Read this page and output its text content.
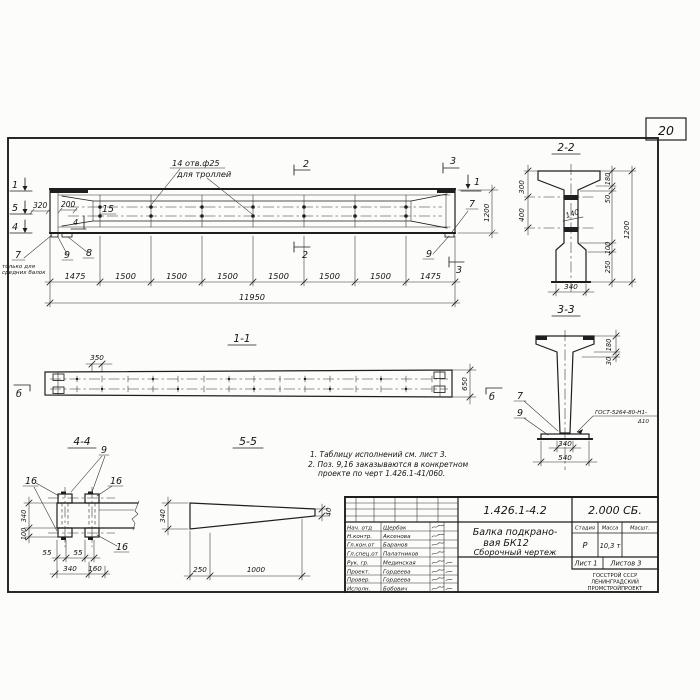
20
14 отв.ф25
для троллей
1
5
4
2
2
3
3
1
320 200	15
4
7
только для
средних балок
9 8
7
9
1200
1475	1500	1500	1500	1500	1500	1500	1475
11950
2-2
140
300
400
180
50
100
250
1200
340
3-3
7
9	ГОСТ-5264-80-Н1-
Δ10
180
30
340
540
1-1
350
650
б	б
4-4
9
16	16
16
340
100
55	55
340 160
5-5
340	40
250	1000
1. Таблицу исполнений см. лист 3.
2. Поз. 9,16 заказываются в конкретном
проекте по черт 1.426.1-41/060.
1.426.1-4.2	2.000 СБ.
Балка подкрано-
вая БК12
Сборочный чертеж
Стадия Масса Масшт.
Р 10,3 т
Лист 1 Листов 3
ГОССТРОЙ СССР
ЛЕНИНГРАДСКИЙ
ПРОМСТРОЙПРОЕКТ
Нач. отд Щербак
Н.контр. Аксенова
Гл.кон.от Баранов
Гл.спец.от Палатников
Рук. гр.	Мединская
Проект. Гордеева
Провер. Гордеева
Исполн. Бобович
